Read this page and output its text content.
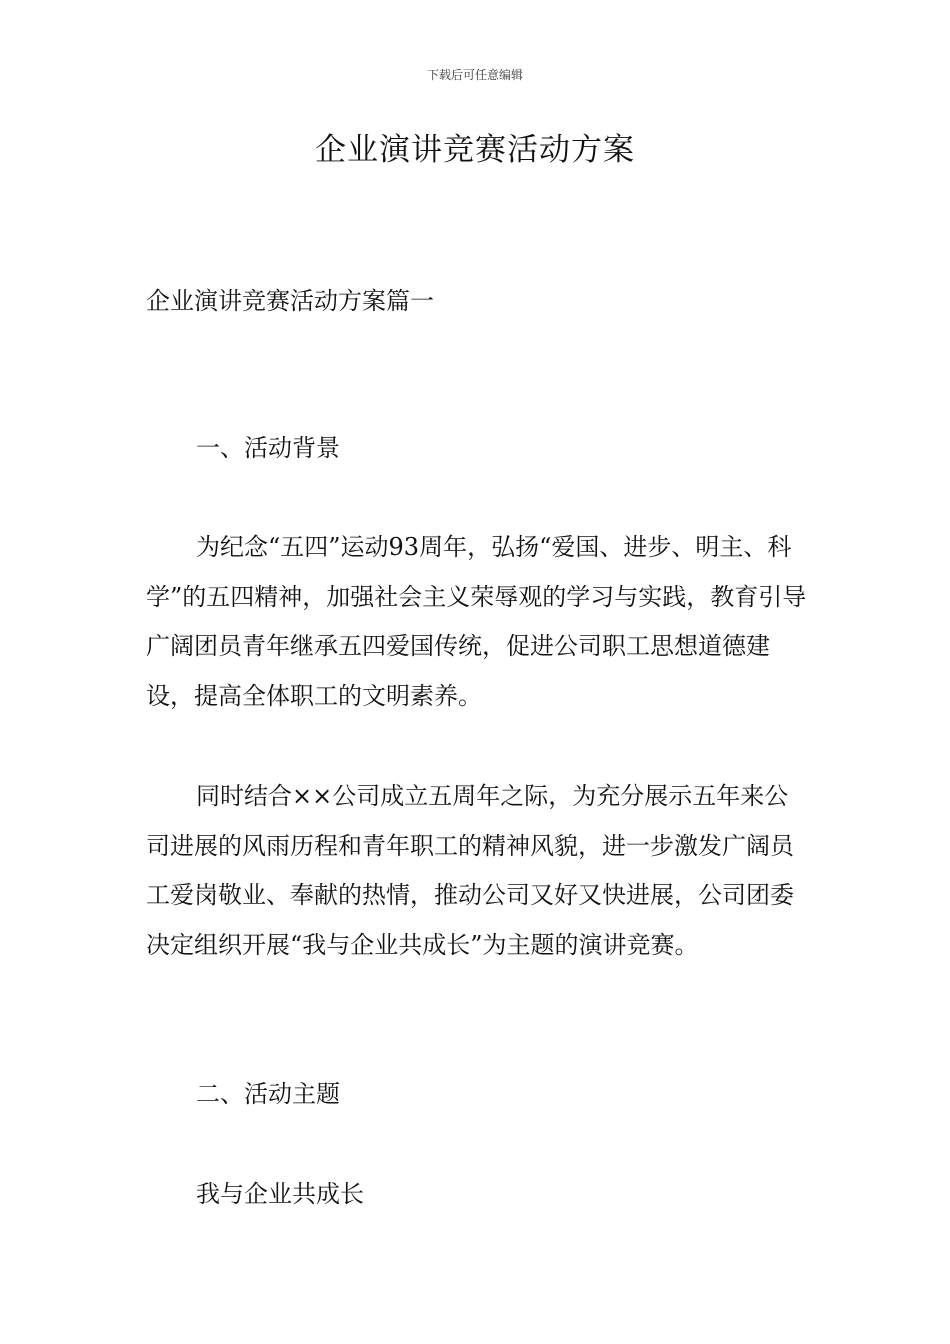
下载后可任意编辑
企业演讲竞赛活动方案

企业演讲竞赛活动方案篇一

一、活动背景

为纪念“五四”运动93周年，弘扬“爱国、进步、明主、科学”的五四精神，加强社会主义荣辱观的学习与实践，教育引导广阔团员青年继承五四爱国传统，促进公司职工思想道德建设，提高全体职工的文明素养。

同时结合××公司成立五周年之际，为充分展示五年来公司进展的风雨历程和青年职工的精神风貌，进一步激发广阔员工爱岗敬业、奉献的热情，推动公司又好又快进展，公司团委决定组织开展“我与企业共成长”为主题的演讲竞赛。

二、活动主题

我与企业共成长
